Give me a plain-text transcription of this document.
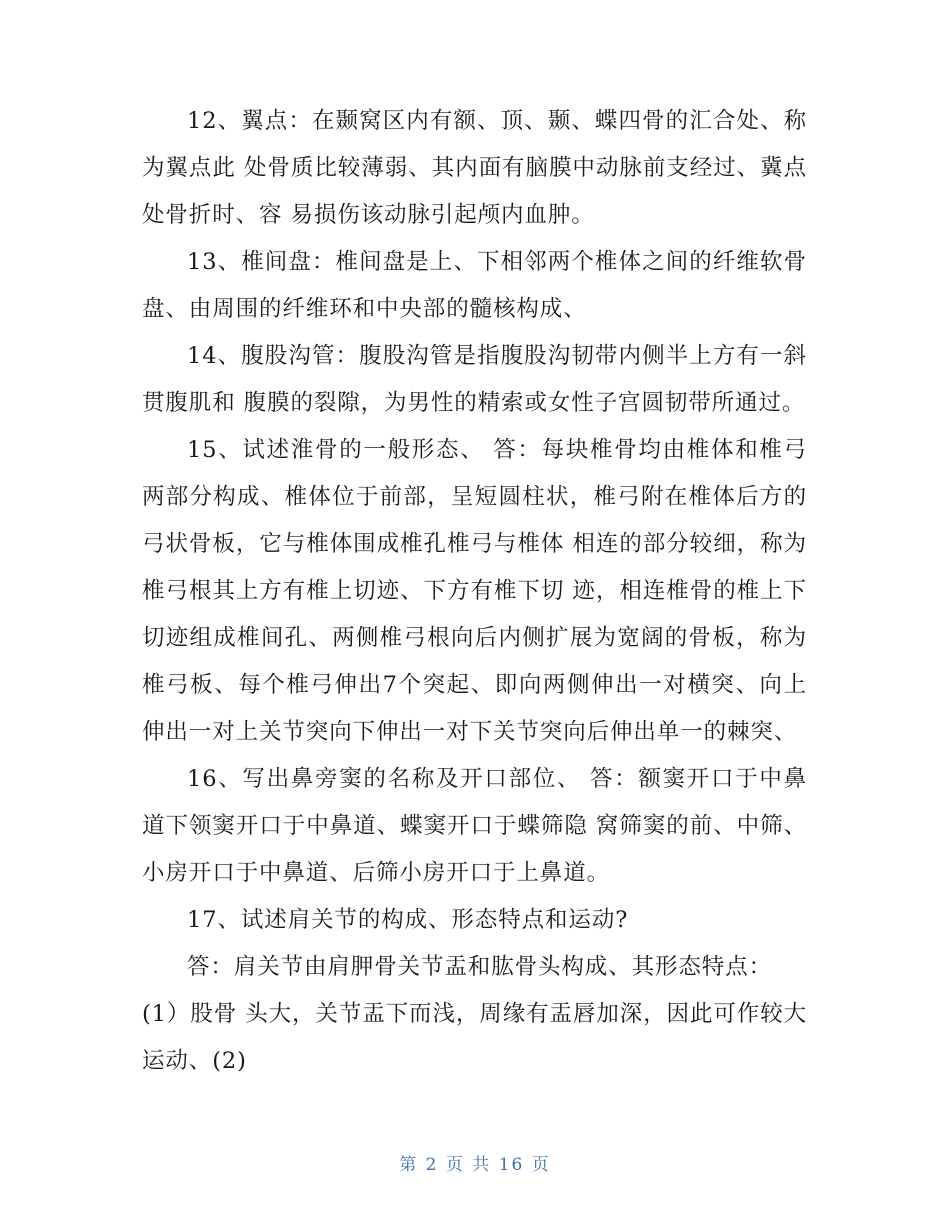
12、翼点：在颞窝区内有额、顶、颞、蝶四骨的汇合处、称为翼点此 处骨质比较薄弱、其内面有脑膜中动脉前支经过、冀点处骨折时、容 易损伤该动脉引起颅内血肿。

13、椎间盘：椎间盘是上、下相邻两个椎体之间的纤维软骨盘、由周围的纤维环和中央部的髓核构成、

14、腹股沟管：腹股沟管是指腹股沟韧带内侧半上方有一斜贯腹肌和 腹膜的裂隙，为男性的精索或女性子宫圆韧带所通过。

15、试述淮骨的一般形态、 答：每块椎骨均由椎体和椎弓两部分构成、椎体位于前部，呈短圆柱状，椎弓附在椎体后方的弓状骨板，它与椎体围成椎孔椎弓与椎体 相连的部分较细，称为椎弓根其上方有椎上切迹、下方有椎下切 迹，相连椎骨的椎上下切迹组成椎间孔、两侧椎弓根向后内侧扩展为宽阔的骨板，称为椎弓板、每个椎弓伸出7个突起、即向两侧伸出一对横突、向上伸出一对上关节突向下伸出一对下关节突向后伸出单一的棘突、

16、写出鼻旁窦的名称及开口部位、 答：额窦开口于中鼻道下领窦开口于中鼻道、蝶窦开口于蝶筛隐 窝筛窦的前、中筛、小房开口于中鼻道、后筛小房开口于上鼻道。

17、试述肩关节的构成、形态特点和运动?

答：肩关节由肩胛骨关节盂和肱骨头构成、其形态特点：

(1）股骨 头大，关节盂下而浅，周缘有盂唇加深，因此可作较大运动、(2)

第 2 页 共 16 页
